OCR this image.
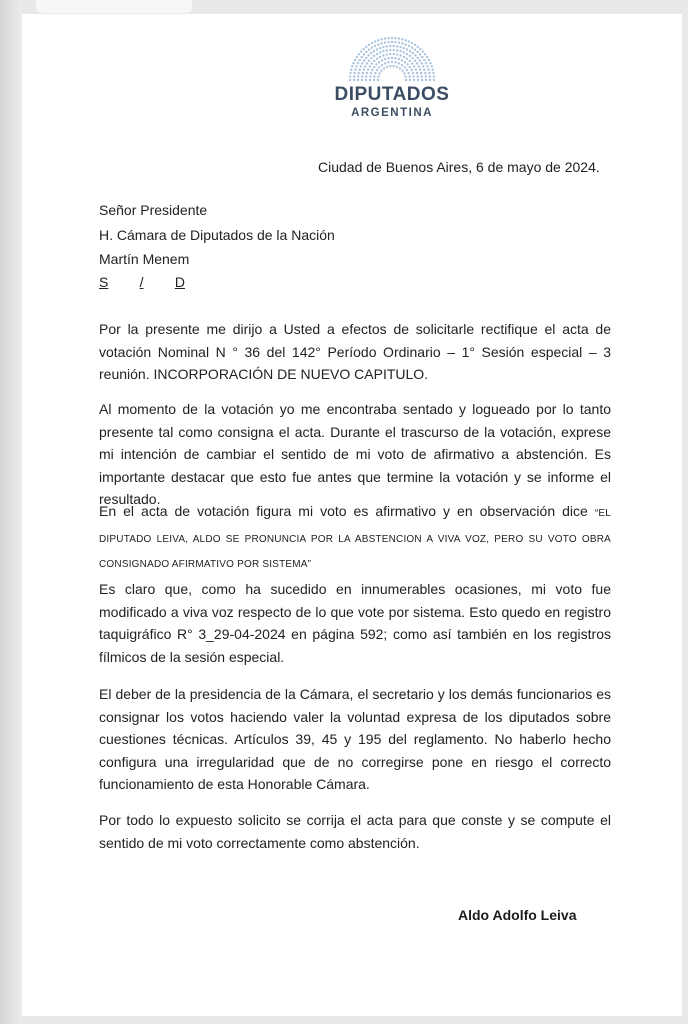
DIPUTADOS
ARGENTINA
Ciudad de Buenos Aires, 6 de mayo de 2024.
Señor Presidente
H. Cámara de Diputados de la Nación
Martín Menem
S / D
Por la presente me dirijo a Usted a efectos de solicitarle rectifique el acta de votación Nominal N ° 36 del 142° Período Ordinario – 1° Sesión especial – 3 reunión. INCORPORACIÓN DE NUEVO CAPITULO.
Al momento de la votación yo me encontraba sentado y logueado por lo tanto presente tal como consigna el acta. Durante el trascurso de la votación, exprese mi intención de cambiar el sentido de mi voto de afirmativo a abstención. Es importante destacar que esto fue antes que termine la votación y se informe el resultado.
En el acta de votación figura mi voto es afirmativo y en observación dice “EL DIPUTADO LEIVA, ALDO SE PRONUNCIA POR LA ABSTENCION A VIVA VOZ, PERO SU VOTO OBRA CONSIGNADO AFIRMATIVO POR SISTEMA”
Es claro que, como ha sucedido en innumerables ocasiones, mi voto fue modificado a viva voz respecto de lo que vote por sistema. Esto quedo en registro taquigráfico R° 3_29-04-2024 en página 592; como así también en los registros fílmicos de la sesión especial.
El deber de la presidencia de la Cámara, el secretario y los demás funcionarios es consignar los votos haciendo valer la voluntad expresa de los diputados sobre cuestiones técnicas. Artículos 39, 45 y 195 del reglamento. No haberlo hecho configura una irregularidad que de no corregirse pone en riesgo el correcto funcionamiento de esta Honorable Cámara.
Por todo lo expuesto solicito se corrija el acta para que conste y se compute el sentido de mi voto correctamente como abstención.
Aldo Adolfo Leiva
